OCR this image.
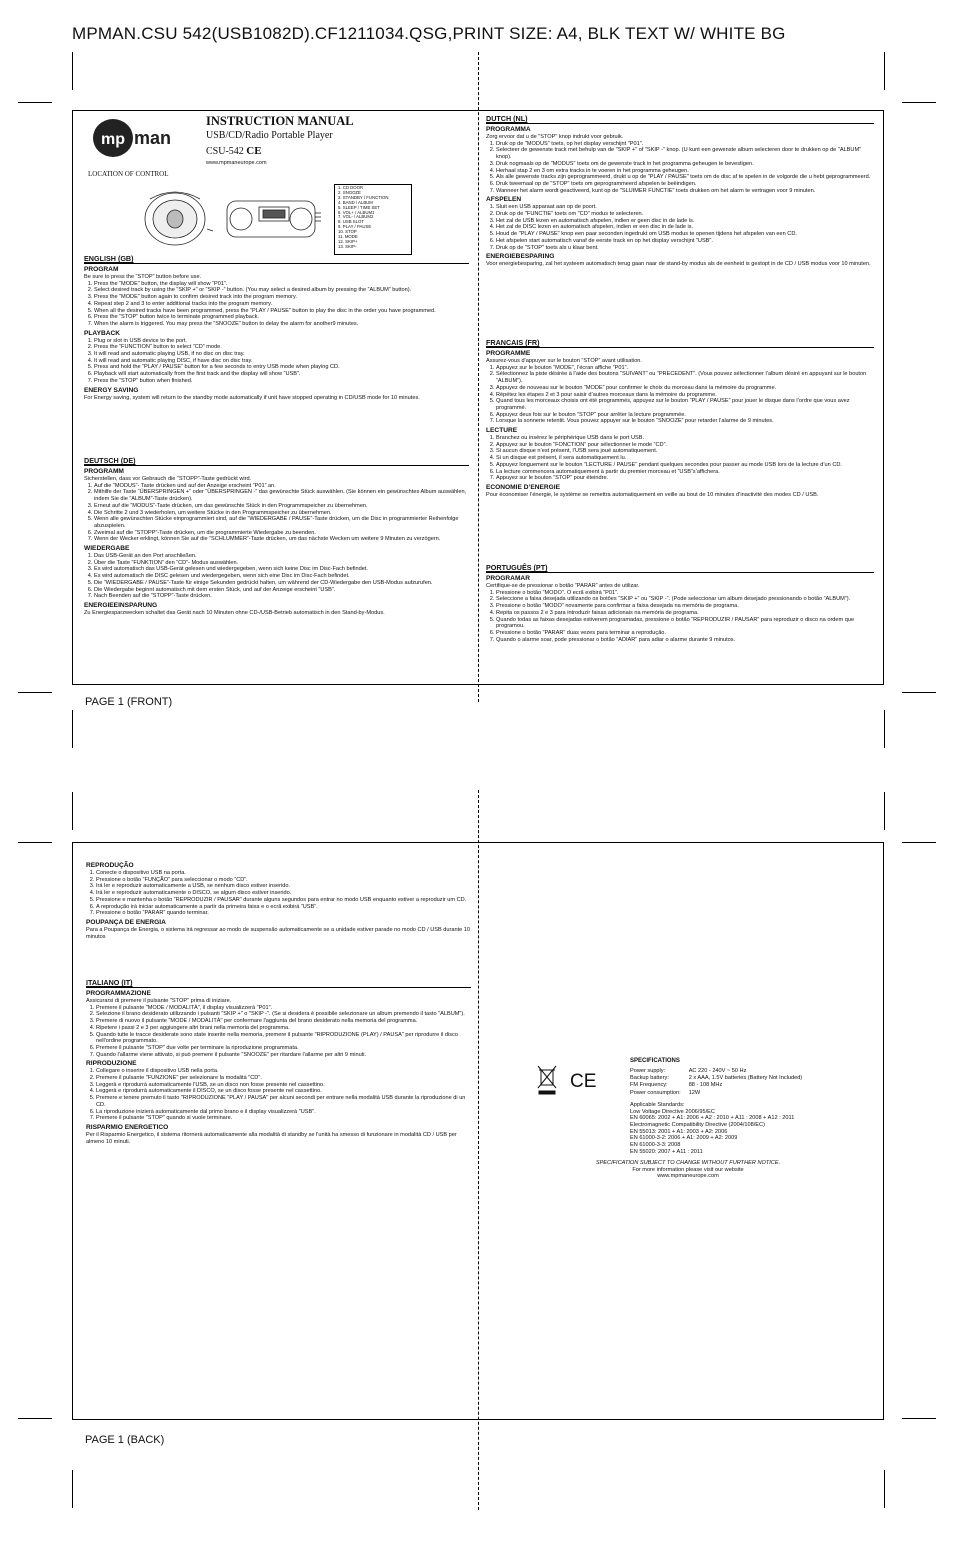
MPMAN.CSU 542(USB1082D).CF1211034.QSG,PRINT SIZE: A4, BLK TEXT W/ WHITE BG
PAGE 1 (FRONT)
PAGE 1 (BACK)
mp man
LOCATION OF CONTROL
INSTRUCTION MANUAL
USB/CD/Radio Portable Player
CSU-542 CE
www.mpmaneurope.com
1. CD DOOR
2. SNOOZE
3. STANDBY / FUNCTION
4. BAND / ALBUM
5. SLEEP / TIME SET
6. VOL+ / ALBUM1
7. VOL- / ALBUM2
8. USB SLOT
9. PLAY / PAUSE
10. STOP
11. MODE
12. SKIP+
13. SKIP-
ENGLISH (GB)
PROGRAM

Be sure to press the “STOP” button before use.

1. Press the “MODE” button, the display will show “P01”.
2. Select desired track by using the “SKIP +” or “SKIP -” button. (You may select a desired album by pressing the “ALBUM” button).
3. Press the “MODE” button again to confirm desired track into the program memory.
4. Repeat step 2 and 3 to enter additional tracks into the program memory.
5. When all the desired tracks have been programmed, press the “PLAY / PAUSE” button to play the disc in the order you have programmed.
6. Press the “STOP” button twice to terminate programmed playback.
7. When the alarm is triggered. You may press the “SNOOZE” button to delay the alarm for another9 minutes.
PLAYBACK
1. Plug or slot in USB device to the port.
2. Press the “FUNCTION” button to select “CD” mode.
3. It will read and automatic playing USB, if no disc on disc tray.
4. It will read and automatic playing DISC, if have disc on disc tray.
5. Press and hold the “PLAY / PAUSE” button for a few seconds to entry USB mode when playing CD.
6. Playback will start automatically from the first track and the display will show “USB”.
7. Press the “STOP” button when finished.
ENERGY SAVING

For Energy saving, system will return to the standby mode automatically if unit have stopped operating in CD/USB mode for 10 minutes.

DEUTSCH (DE)
PROGRAMM

Sicherstellen, dass vor Gebrauch die “STOPP”-Taste gedrückt wird.

1. Auf die “MODUS”- Taste drücken und auf der Anzeige erscheint “P01” an.
2. Mithilfe der Taste “ÜBERSPRINGEN +” oder “ÜBERSPRINGEN -” das gewünschte Stück auswählen. (Sie können ein gewünschtes Album auswählen, indem Sie die “ALBUM”-Taste drücken).
3. Erneut auf die “MODUS”-Taste drücken, um das gewünschte Stück in den Programmspeicher zu übernehmen.
4. Die Schritte 2 und 3 wiederholen, um weitere Stücke in den Programmspeicher zu übernehmen.
5. Wenn alle gewünschten Stücke einprogrammiert sind, auf die “WIEDERGABE / PAUSE”-Taste drücken, um die Disc in programmierter Reihenfolge abzuspielen.
6. Zweimal auf die “STOPP”-Taste drücken, um die programmierte Wiedergabe zu beenden.
7. Wenn der Wecker erklingt, können Sie auf die “SCHLUMMER”-Taste drücken, um das nächste Wecken um weitere 9 Minuten zu verzögern.
WIEDERGABE
1. Das USB-Gerät an den Port anschließen.
2. Über die Taste “FUNKTION” den “CD”- Modus auswählen.
3. Es wird automatisch das USB-Gerät gelesen und wiedergegeben, wenn sich keine Disc im Disc-Fach befindet.
4. Es wird automatisch die DISC gelesen und wiedergegeben, wenn sich eine Disc im Disc-Fach befindet.
5. Die “WIEDERGABE / PAUSE”-Taste für einige Sekunden gedrückt halten, um während der CD-Wiedergabe den USB-Modus aufzurufen.
6. Die Wiedergabe beginnt automatisch mit dem ersten Stück, und auf der Anzeige erscheint “USB”.
7. Nach Beenden auf die “STOPP”-Taste drücken.
ENERGIEEINSPARUNG

Zu Energiesparzwecken schaltet das Gerät nach 10 Minuten ohne CD-/USB-Betrieb automatisch in den Stand-by-Modus.

DUTCH (NL)
PROGRAMMA

Zorg ervoor dat u de "STOP" knop indrukt voor gebruik.

1. Druk op de "MODUS" toets, op het display verschijnt "P01".
2. Selecteer de gewenste track met behulp van de "SKIP +" of "SKIP -" knop. (U kunt een gewenste album selecteren door te drukken op de "ALBUM" knop).
3. Druk nogmaals op de "MODUS" toets om de gewenste track in het programma geheugen te bevestigen.
4. Herhaal stap 2 en 3 om extra tracks in te voeren in het programma geheugen.
5. Als alle gewenste tracks zijn geprogrammeerd, drukt u op de "PLAY / PAUSE" toets om de disc af te spelen in de volgorde die u hebt geprogrammeerd.
6. Druk tweemaal op de "STOP" toets om geprogrammeerd afspelen te beëindigen.
7. Wanneer het alarm wordt geactiveerd, kunt op de "SLUIMER FUNCTIE" toets drukken om het alarm te vertragen voor 9 minuten.
AFSPELEN
1. Sluit een USB apparaat aan op de poort.
2. Druk op de "FUNCTIE" toets om "CD" modus te selecteren.
3. Het zal de USB lezen en automatisch afspelen, indien er geen disc in de lade is.
4. Het zal de DISC lezen en automatisch afspelen, indien er een disc in de lade is.
5. Houd de "PLAY / PAUSE" knop een paar seconden ingedrukt om USB modus te openen tijdens het afspelen van een CD.
6. Het afspelen start automatisch vanaf de eerste track en op het display verschijnt "USB".
7. Druk op de "STOP" toets als u klaar bent.
ENERGIEBESPARING

Voor energiebesparing, zal het systeem automatisch terug gaan naar de stand-by modus als de eenheid is gestopt in de CD / USB modus voor 10 minuten.

FRANCAIS (FR)
PROGRAMME

Assurez-vous d’appuyer sur le bouton “STOP” avant utilisation.

1. Appuyez sur le bouton “MODE”, l’écran affiche “P01”.
2. Sélectionnez la piste désirée à l’aide des boutons “SUIVANT” ou “PRECEDENT”. (Vous pouvez sélectionner l’album désiré en appuyant sur le bouton “ALBUM”).
3. Appuyez de nouveau sur le bouton “MODE” pour confirmer le choix du morceau dans la mémoire du programme.
4. Répétez les étapes 2 et 3 pour saisir d’autres morceaux dans la mémoire du programme.
5. Quand tous les morceaux choisis ont été programmés, appuyez sur le bouton “PLAY / PAUSE” pour jouer le disque dans l’ordre que vous avez programmé.
6. Appuyez deux fois sur le bouton “STOP” pour arrêter la lecture programmée.
7. Lorsque la sonnerie retentit. Vous pouvez appuyer sur le bouton “SNOOZE” pour retarder l’alarme de 9 minutes.
LECTURE
1. Branchez ou insérez le périphérique USB dans le port USB.
2. Appuyez sur le bouton “FONCTION” pour sélectionner le mode “CD”.
3. Si aucun disque n’est présent, l’USB sera joué automatiquement.
4. Si un disque est présent, il sera automatiquement lu.
5. Appuyez longuement sur le bouton “LECTURE / PAUSE” pendant quelques secondes pour passer au mode USB lors de la lecture d’un CD.
6. La lecture commencera automatiquement à partir du premier morceau et “USB”s’affichera.
7. Appuyez sur le bouton “STOP” pour éteindre.
ECONOMIE D’ENERGIE

Pour économiser l’énergie, le système se remettra automatiquement en veille au bout de 10 minutes d’inactivité des modes CD / USB.

PORTUGUÊS (PT)
PROGRAMAR

Certifique-se de pressionar o botão “PARAR” antes de utilizar.

1. Pressione o botão “MODO”. O ecrã exibirá “P01”.
2. Seleccione a faixa desejada utilizando os botões “SKIP +” ou “SKIP -”. (Pode seleccionar um album desejado pressionando o botão “ALBUM”).
3. Pressione o botão “MODO” novamente para confirmar a faixa desejada na memória de programa.
4. Repita os passos 2 e 3 para introduzir faixas adicionais na memória de programa.
5. Quando todas as faixas desejadas estiverem programadas, pressione o botão “REPRODUZIR / PAUSAR” para reproduzir o disco na ordem que programou.
6. Pressione o botão “PARAR” duas vezes para terminar a reprodução.
7. Quando o alarme soar, pode pressionar o botão “ADIAR” para adiar o alarme durante 9 minutos.
REPRODUÇÃO
1. Conecte o dispositivo USB na porta.
2. Pressione o botão “FUNÇÃO” para seleccionar o modo “CD”.
3. Irá ler e reproduzir automaticamente a USB, se nenhum disco estiver inserido.
4. Irá ler e reproduzir automaticamente o DISCO, se algum disco estiver inserido.
5. Pressione e mantenha o botão “REPRODUZIR / PAUSAR” durante alguns segundos para entrar no modo USB enquanto estiver a reproduzir um CD.
6. A reprodução irá iniciar automaticamente a partir da primeira faixa e o ecrã exibirá “USB”.
7. Pressione o botão “PARAR” quando terminar.
POUPANÇA DE ENERGIA

Para a Poupança de Energia, o sistema irá regressar ao modo de suspensão automaticamente se a unidade estiver parade no modo CD / USB durante 10 minutos

ITALIANO (IT)
PROGRAMMAZIONE

Assicurarsi di premere il pulsante "STOP" prima di iniziare.

1. Premere il pulsante "MODE / MODALITÀ", il display visualizzerà "P01".
2. Selezione il brano desiderato utilizzando i pulsanti "SKIP +" o "SKIP -". (Se si desidera è possibile selezionare un album premendo il tasto "ALBUM").
3. Premere di nuovo il pulsante "MODE / MODALITÀ" per confermare l'aggiunta del brano desiderato nella memoria del programma.
4. Ripetere i passi 2 e 3 per aggiungere altri brani nella memoria del programma.
5. Quando tutte le tracce desiderate sono state inserite nella memoria, premere il pulsante "RIPRODUZIONE (PLAY) / PAUSA" per riprodurre il disco nell'ordine programmato.
6. Premere il pulsante "STOP" due volte per terminare la riproduzione programmata.
7. Quando l'allarme viene attivato, si può premere il pulsante "SNOOZE" per ritardare l'allarme per altri 9 minuti.
RIPRODUZIONE
1. Collegare o inserire il dispositivo USB nella porta.
2. Premere il pulsante "FUNZIONE" per selezionare la modalità "CD".
3. Leggerà e riprodurrà automaticamente l'USB, se un disco non fosse presente nel cassettino.
4. Leggerà e riprodurrà automaticamente il DISCO, se un disco fosse presente nel cassettino.
5. Premere e tenere premuto il tasto "RIPRODUZIONE "PLAY / PAUSA" per alcuni secondi per entrare nella modalità USB durante la riproduzione di un CD.
6. La riproduzione inizierà automaticamente dal primo brano e il display visualizzerà "USB".
7. Premere il pulsante "STOP" quando si vuole terminare.
RISPARMIO ENERGETICO

Per il Risparmio Energetico, il sistema ritornerà automaticamente alla modalità di standby se l'unità ha smesso di funzionare in modalità CD / USB per almeno 10 minuti.

CE
SPECIFICATIONS
Power supply:	AC 220 - 240V ~ 50 Hz
Backup battery:	2 x AAA, 1.5V batteries (Battery Not Included)
FM Frequency:	88 - 108 MHz
Power consumption:	12W
Applicable Standards:
Low Voltage Directive 2006/95/EC
EN 60065: 2002 + A1: 2006 + A2 : 2010 + A11 : 2008 + A12 : 2011
Electromagnetic Compatibility Directive (2004/108/EC)
EN 55013: 2001 + A1: 2003 + A2: 2006
EN 61000-3-2: 2006 + A1: 2009 + A2: 2009
EN 61000-3-3: 2008
EN 55020: 2007 + A11 : 2011

SPECIFICATION SUBJECT TO CHANGE WITHOUT FURTHER NOTICE.

For more information please visit our website

www.mpmaneurope.com
